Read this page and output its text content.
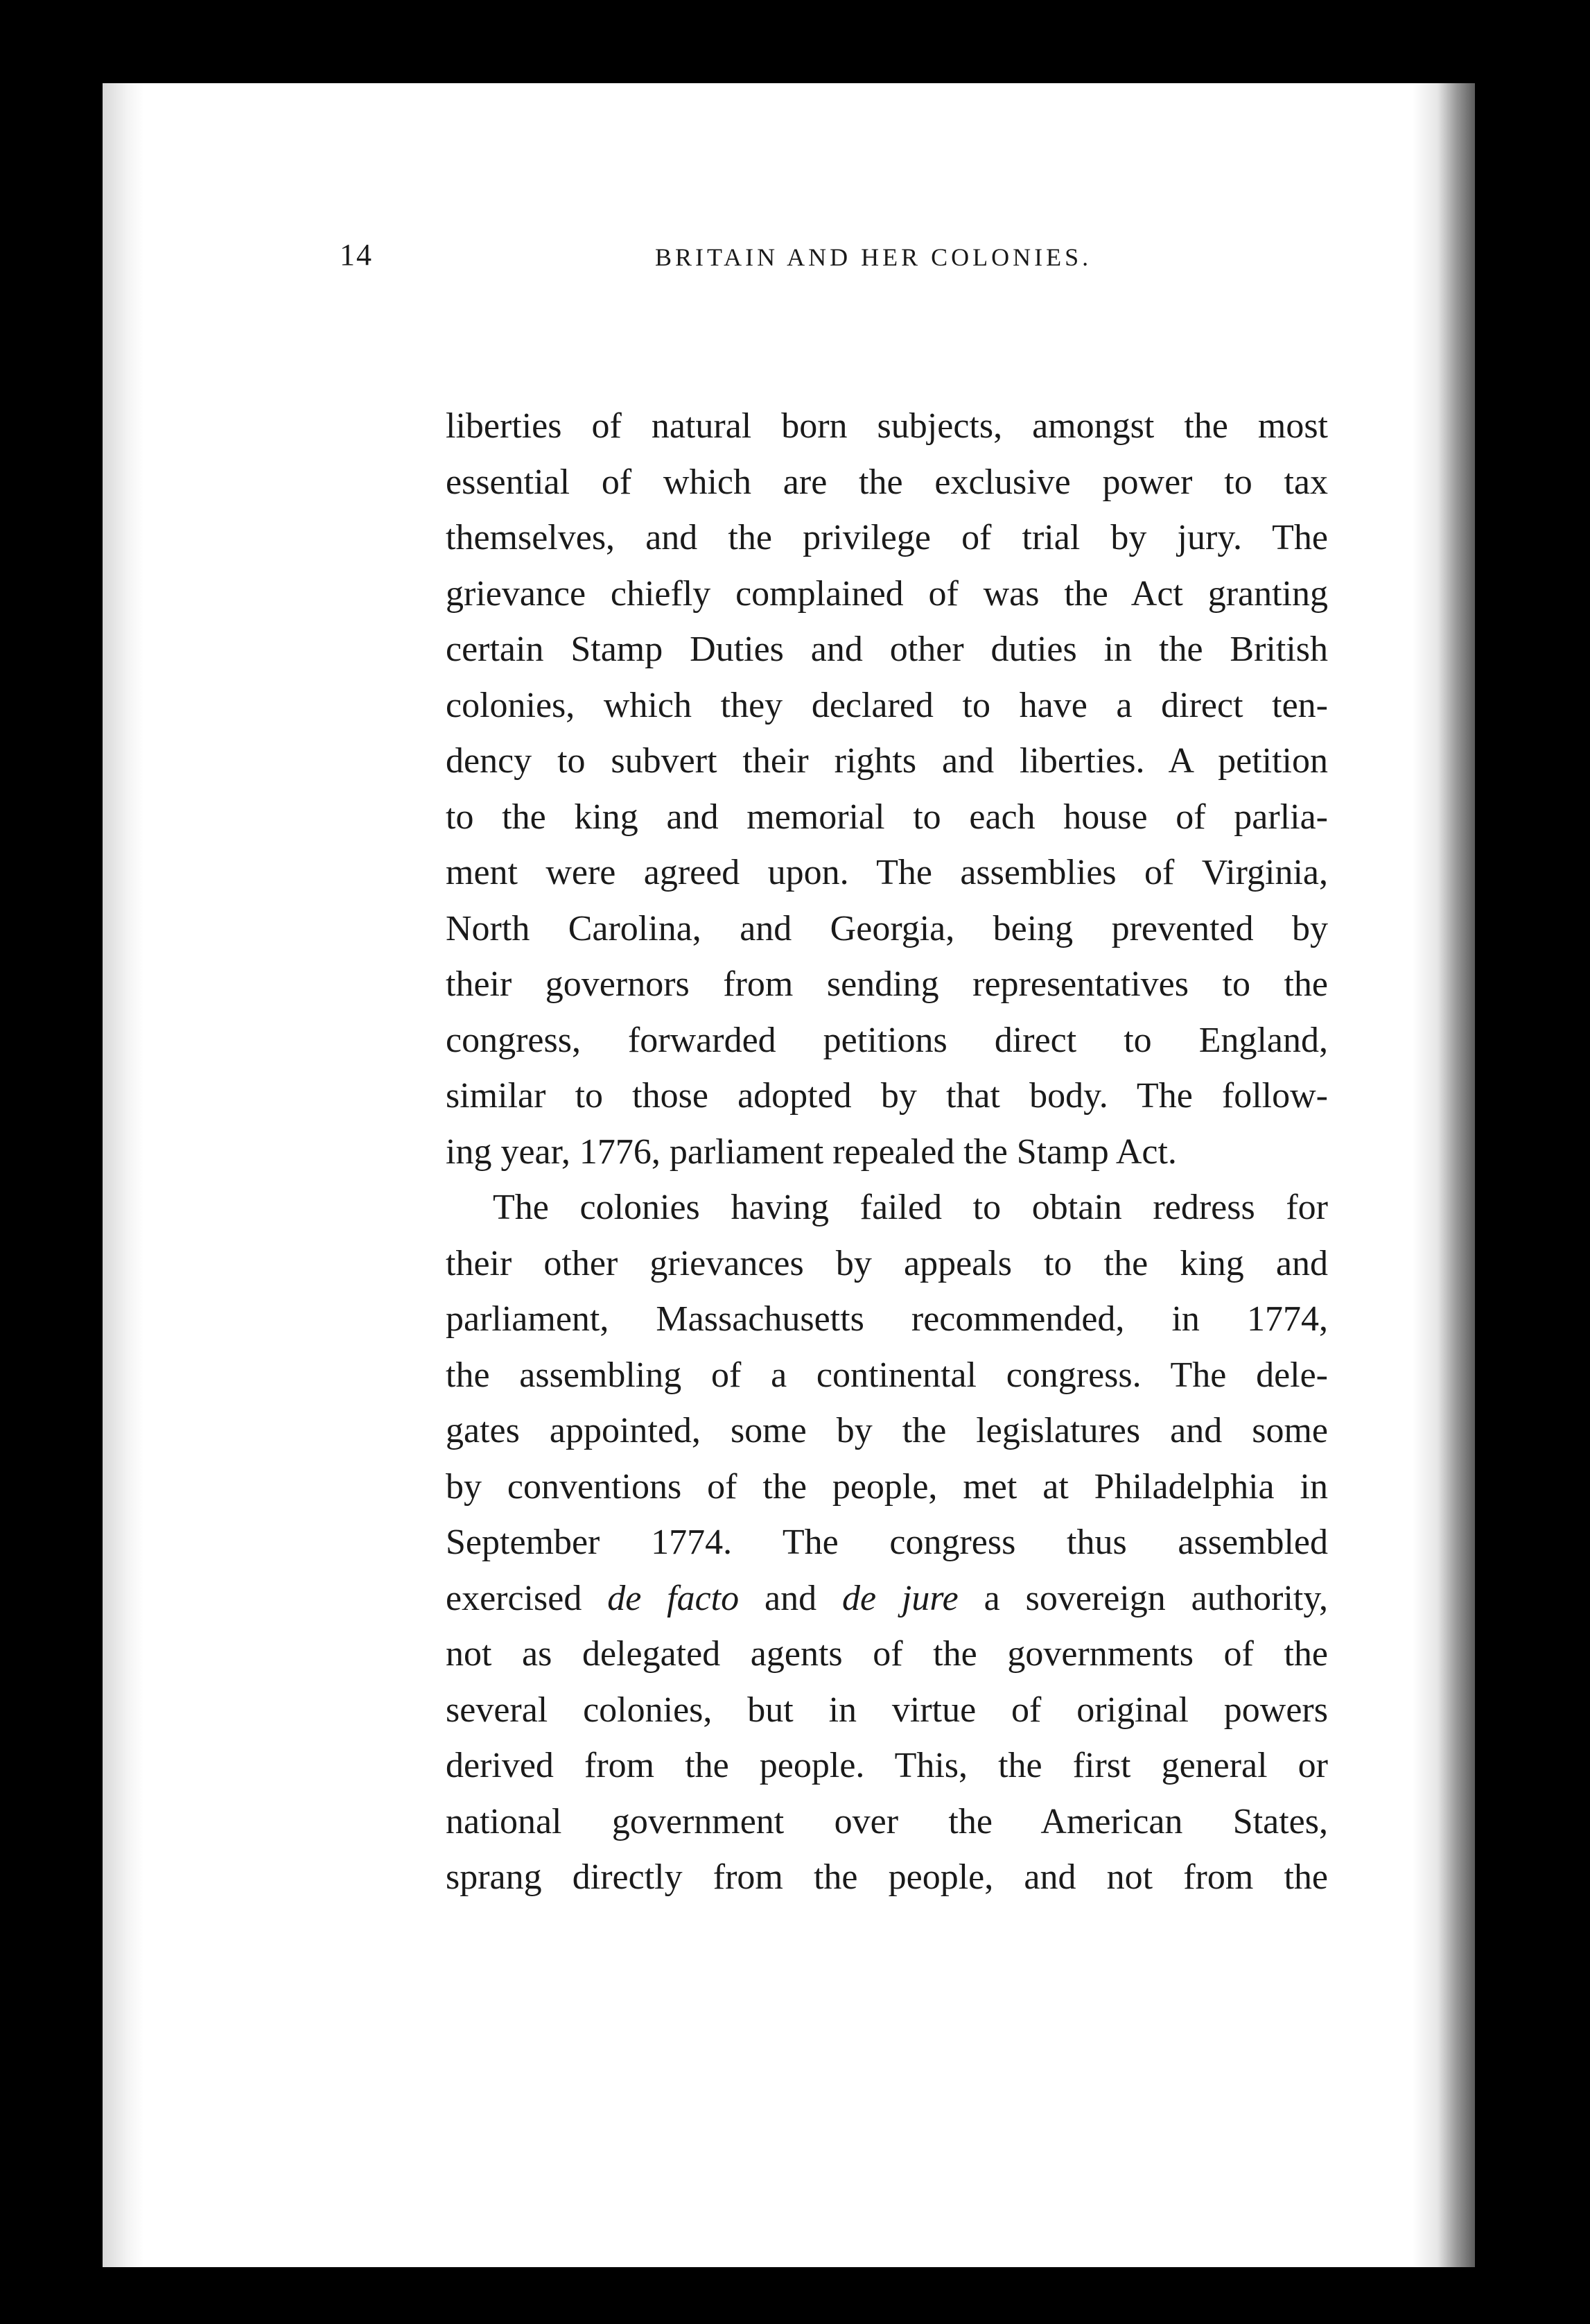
14	BRITAIN AND HER COLONIES.
liberties of natural born subjects, amongst the most
essential of which are the exclusive power to tax
themselves, and the privilege of trial by jury. The
grievance chiefly complained of was the Act granting
certain Stamp Duties and other duties in the British
colonies, which they declared to have a direct ten-
dency to subvert their rights and liberties. A petition
to the king and memorial to each house of parlia-
ment were agreed upon. The assemblies of Virginia,
North Carolina, and Georgia, being prevented by
their governors from sending representatives to the
congress, forwarded petitions direct to England,
similar to those adopted by that body. The follow-
ing year, 1776, parliament repealed the Stamp Act.
The colonies having failed to obtain redress for
their other grievances by appeals to the king and
parliament, Massachusetts recommended, in 1774,
the assembling of a continental congress. The dele-
gates appointed, some by the legislatures and some
by conventions of the people, met at Philadelphia in
September 1774. The congress thus assembled
exercised de facto and de jure a sovereign authority,
not as delegated agents of the governments of the
several colonies, but in virtue of original powers
derived from the people. This, the first general or
national government over the American States,
sprang directly from the people, and not from the
